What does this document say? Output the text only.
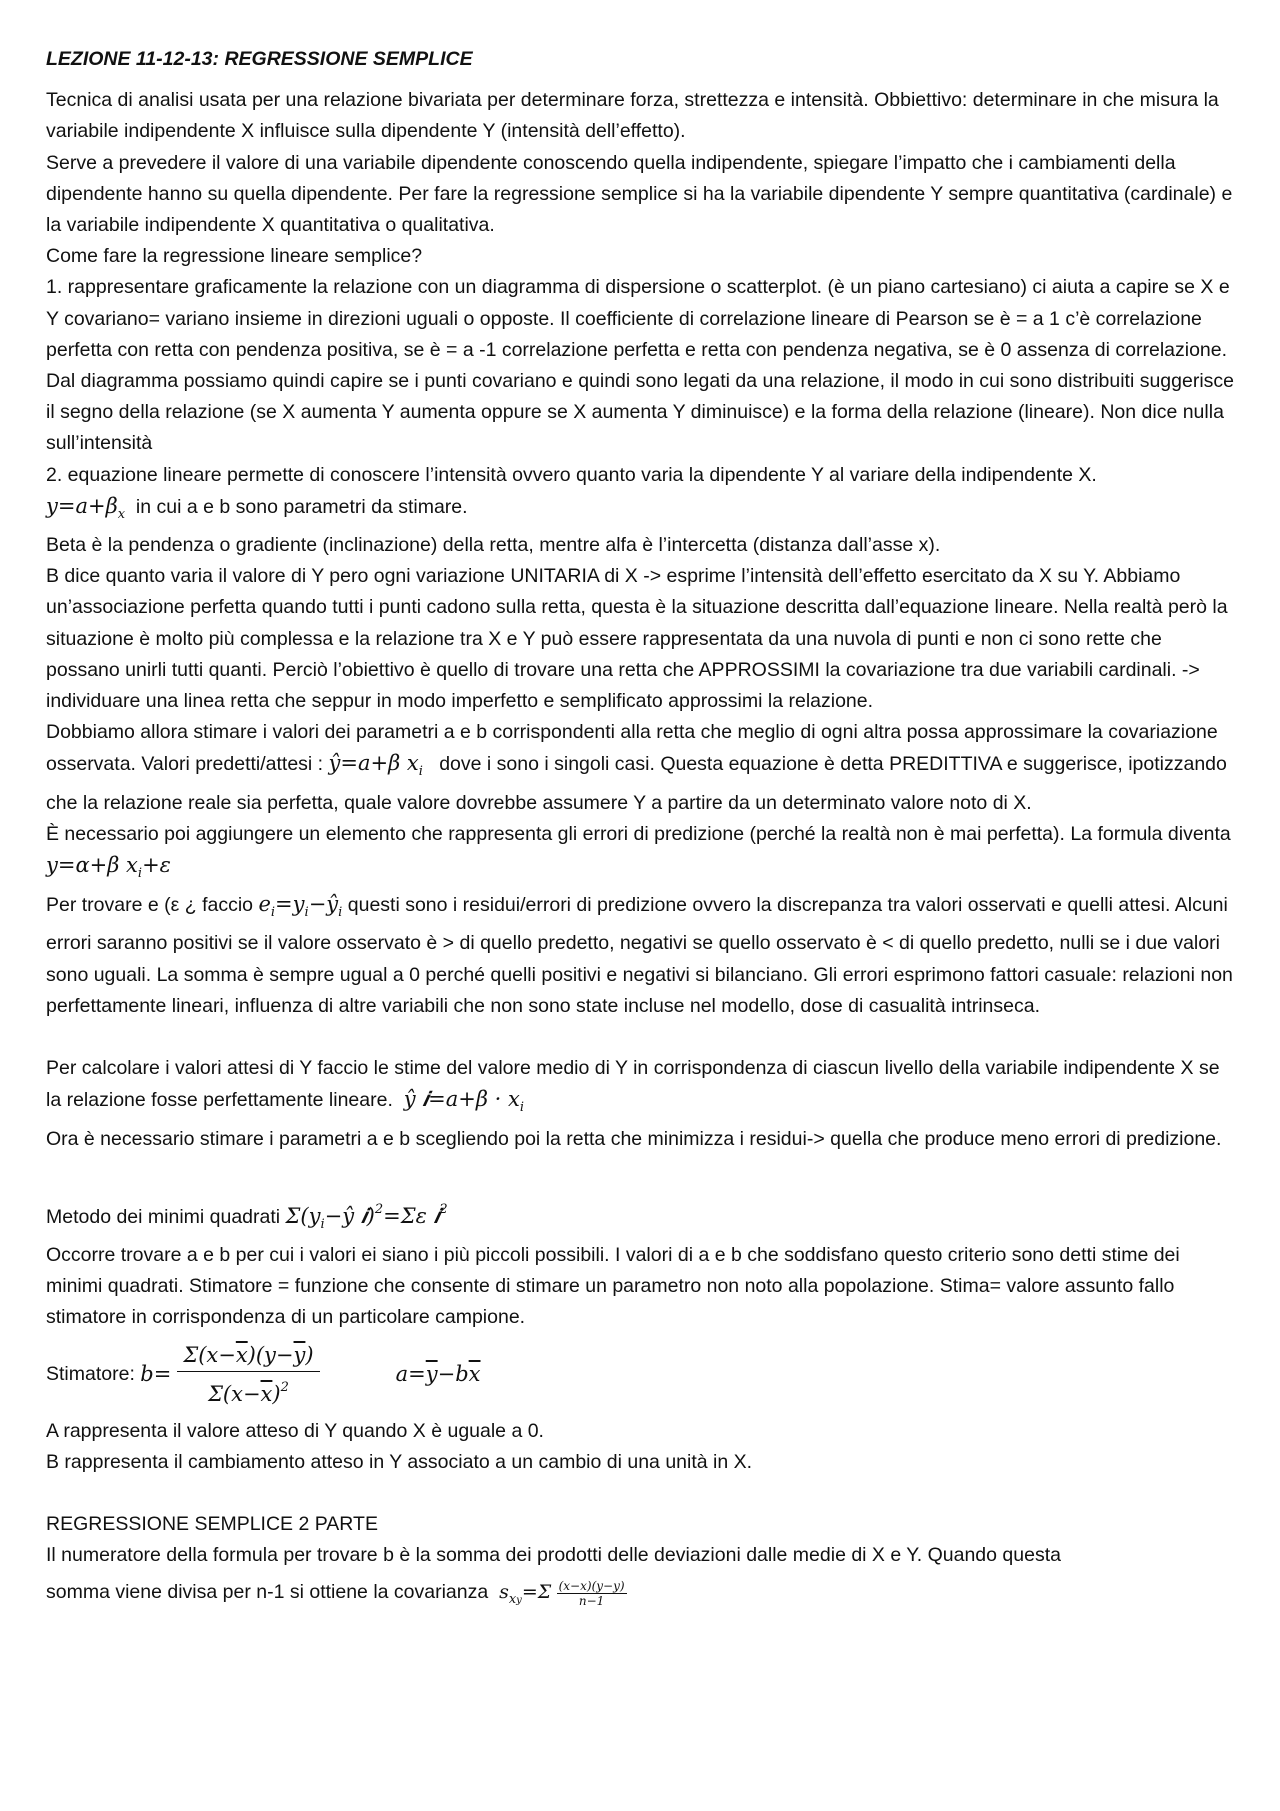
LEZIONE 11-12-13: REGRESSIONE SEMPLICE

Tecnica di analisi usata per una relazione bivariata per determinare forza, strettezza e intensità. Obbiettivo: determinare in che misura la variabile indipendente X influisce sulla dipendente Y (intensità dell’effetto).

Serve a prevedere il valore di una variabile dipendente conoscendo quella indipendente, spiegare l’impatto che i cambiamenti della dipendente hanno su quella dipendente. Per fare la regressione semplice si ha la variabile dipendente Y sempre quantitativa (cardinale) e la variabile indipendente X quantitativa o qualitativa.

Come fare la regressione lineare semplice?

1. rappresentare graficamente la relazione con un diagramma di dispersione o scatterplot. (è un piano cartesiano) ci aiuta a capire se X e Y covariano= variano insieme in direzioni uguali o opposte. Il coefficiente di correlazione lineare di Pearson se è = a 1 c’è correlazione perfetta con retta con pendenza positiva, se è = a -1 correlazione perfetta e retta con pendenza negativa, se è 0 assenza di correlazione.

Dal diagramma possiamo quindi capire se i punti covariano e quindi sono legati da una relazione, il modo in cui sono distribuiti suggerisce il segno della relazione (se X aumenta Y aumenta oppure se X aumenta Y diminuisce) e la forma della relazione (lineare). Non dice nulla sull’intensità

2. equazione lineare permette di conoscere l’intensità ovvero quanto varia la dipendente Y al variare della indipendente X.

$y=a+\beta_x$ in cui a e b sono parametri da stimare.

Beta è la pendenza o gradiente (inclinazione) della retta, mentre alfa è l’intercetta (distanza dall’asse x).

B dice quanto varia il valore di Y pero ogni variazione UNITARIA di X -> esprime l’intensità dell’effetto esercitato da X su Y. Abbiamo un’associazione perfetta quando tutti i punti cadono sulla retta, questa è la situazione descritta dall’equazione lineare. Nella realtà però la situazione è molto più complessa e la relazione tra X e Y può essere rappresentata da una nuvola di punti e non ci sono rette che possano unirli tutti quanti. Perciò l’obiettivo è quello di trovare una retta che APPROSSIMI la covariazione tra due variabili cardinali. -> individuare una linea retta che seppur in modo imperfetto e semplificato approssimi la relazione.

Dobbiamo allora stimare i valori dei parametri a e b corrispondenti alla retta che meglio di ogni altra possa approssimare la covariazione osservata. Valori predetti/attesi : ŷ=a+β $x_i$ dove i sono i singoli casi. Questa equazione è detta PREDITTIVA e suggerisce, ipotizzando che la relazione reale sia perfetta, quale valore dovrebbe assumere Y a partire da un determinato valore noto di X.

È necessario poi aggiungere un elemento che rappresenta gli errori di predizione (perché la realtà non è mai perfetta). La formula diventa y=α+β $x_i+\varepsilon$

Per trovare e (ε ¿ faccio $e_i=y_i-ŷ_i$ questi sono i residui/errori di predizione ovvero la discrepanza tra valori osservati e quelli attesi. Alcuni errori saranno positivi se il valore osservato è > di quello predetto, negativi se quello osservato è < di quello predetto, nulli se i due valori sono uguali. La somma è sempre ugual a 0 perché quelli positivi e negativi si bilanciano. Gli errori esprimono fattori casuale: relazioni non perfettamente lineari, influenza di altre variabili che non sono state incluse nel modello, dose di casualità intrinseca.

Per calcolare i valori attesi di Y faccio le stime del valore medio di Y in corrispondenza di ciascun livello della variabile indipendente X se la relazione fosse perfettamente lineare. ŷ 𝒊=a+β · $x_i$

Ora è necessario stimare i parametri a e b scegliendo poi la retta che minimizza i residui-> quella che produce meno errori di predizione.

Metodo dei minimi quadrati $\Sigma(y_i-ŷ$ 𝒊)$^2$=Σε 𝒊$^2$

Occorre trovare a e b per cui i valori ei siano i più piccoli possibili. I valori di a e b che soddisfano questo criterio sono detti stime dei minimi quadrati. Stimatore = funzione che consente di stimare un parametro non noto alla popolazione. Stima= valore assunto fallo stimatore in corrispondenza di un particolare campione.

Stimatore:
$b= \frac{\Sigma(x-\overline{x})(y-\overline{y})}{\Sigma(x-\overline{x})^2}$	$a=\overline{y}-b\overline{x}$

A rappresenta il valore atteso di Y quando X è uguale a 0.

B rappresenta il cambiamento atteso in Y associato a un cambio di una unità in X.

REGRESSIONE SEMPLICE 2 PARTE

Il numeratore della formula per trovare b è la somma dei prodotti delle deviazioni dalle medie di X e Y. Quando questa

somma viene divisa per n-1 si ottiene la covarianza $s_{xy}=\Sigma \frac{(x-x)(y-y)}{n-1}$
